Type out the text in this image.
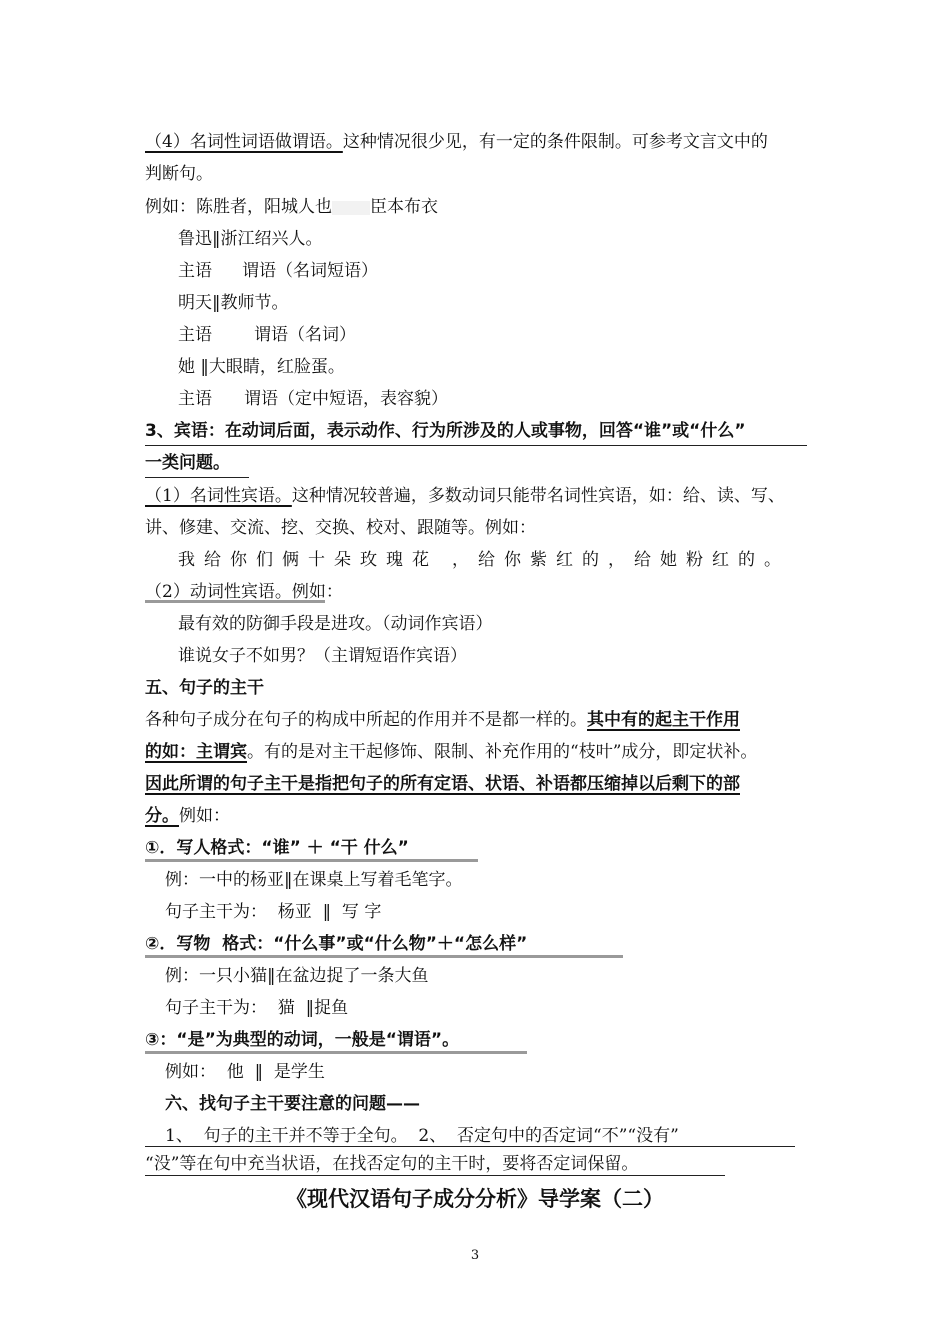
（4）名词性词语做谓语。这种情况很少见，有一定的条件限制。可参考文言文中的
判断句。
例如：陈胜者，阳城人也 臣本布衣
鲁迅‖浙江绍兴人。
主语 谓语（名词短语）
明天‖教师节。
主语 谓语（名词）
她 ‖大眼睛，红脸蛋。
主语 谓语（定中短语，表容貌）
3、宾语：在动词后面，表示动作、行为所涉及的人或事物，回答“谁”或“什么”
一类问题。
（1）名词性宾语。这种情况较普遍，多数动词只能带名词性宾语，如：给、读、写、
讲、修建、交流、挖、交换、校对、跟随等。例如：
我给你们俩十朵玫瑰花 ，给你紫红的，给她粉红的。
（2）动词性宾语。例如：
最有效的防御手段是进攻。（动词作宾语）
谁说女子不如男？（主谓短语作宾语）
五、句子的主干
各种句子成分在句子的构成中所起的作用并不是都一样的。其中有的起主干作用
的如：主谓宾。有的是对主干起修饰、限制、补充作用的“枝叶”成分，即定状补。
因此所谓的句子主干是指把句子的所有定语、状语、补语都压缩掉以后剩下的部
分。例如：
①．写人格式：“谁” ＋ “干 什么”
例：一中的杨亚‖在课桌上写着毛笔字。
句子主干为：  杨亚  ‖  写 字
②．写物  格式：“什么事”或“什么物”＋“怎么样”
例：一只小猫‖在盆边捉了一条大鱼
句子主干为：  猫  ‖捉鱼
③：“是”为典型的动词，一般是“谓语”。
例如：  他  ‖  是学生
六、找句子主干要注意的问题——
1、  句子的主干并不等于全句。  2、  否定句中的否定词“不”“没有”
“没”等在句中充当状语，在找否定句的主干时，要将否定词保留。
《现代汉语句子成分分析》导学案（二）
3
